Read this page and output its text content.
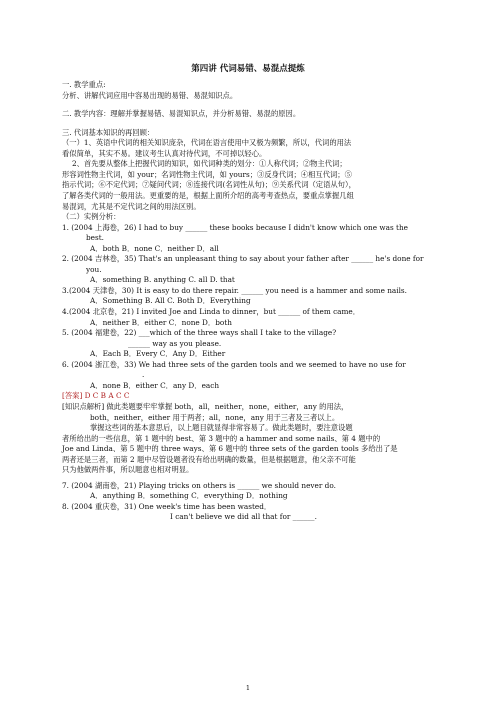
第四讲 代词易错、易混点提炼
一. 教学重点:
分析、讲解代词应用中容易出现的易错、易混知识点。
二. 教学内容：理解并掌握易错、易混知识点，并分析易错、易混的原因。
三. 代词基本知识的再回顾：
（一）1、英语中代词的相关知识庞杂，代词在语言使用中又极为频繁，所以，代词的用法
看似简单，其实不易。建议考生认真对待代词，不可掉以轻心。
2、首先要从整体上把握代词的知识，如代词种类的划分：①人称代词；②物主代词；
形容词性物主代词，如 your；名词性物主代词，如 yours；③反身代词；④相互代词；⑤
指示代词；⑥不定代词；⑦疑问代词；⑧连接代词(名词性从句)；⑨关系代词（定语从句），
了解各类代词的一般用法。更重要的是，根据上面所介绍的高考考查热点，要重点掌握几组
易混词，尤其是不定代词之间的用法区别。
（二）实例分析：
1. (2004 上海卷，26) I had to buy ______ these books because I didn't know which one was the
best.
A．both B．none C．neither D．all
2. (2004 吉林卷，35) That's an unpleasant thing to say about your father after ______ he's done for
you.
A．something B. anything C. all D. that
3.(2004 天津卷，30) It is easy to do there repair. ______ you need is a hammer and some nails.
A．Something B. All C. Both D．Everything
4.(2004 北京卷，21) I invited Joe and Linda to dinner，but ______ of them came．
A．neither B．either C．none D．both
5. (2004 福建卷，22) ___which of the three ways shall I take to the village?
______ way as you please.
A．Each B．Every C．Any D．Either
6. (2004 浙江卷，33) We had three sets of the garden tools and we seemed to have no use for
.
A．none B．either C．any D．each
[答案] D C B A C C
[知识点解析] 做此类题要牢牢掌握 both，all，neither，none，either，any 的用法，
both，neither，either 用于两者；all，none，any 用于三者及三者以上。
掌握这些词的基本意思后，以上题目就显得非常容易了。做此类题时，要注意设题
者所给出的一些信息，第 1 题中的 best、第 3 题中的 a hammer and some nails、第 4 题中的
Joe and Linda、第 5 题中的 three ways、第 6 题中的 three sets of the garden tools 多给出了是
两者还是三者，而第 2 题中尽管设题者没有给出明确的数量，但是根据题意，他父亲不可能
只为他做两件事，所以题意也相对明显。
7. (2004 湖南卷，21) Playing tricks on others is ______ we should never do.
A．anything B．something C．everything D．nothing
8. (2004 重庆卷，31) One week's time has been wasted．
I can't believe we did all that for ______.
1
